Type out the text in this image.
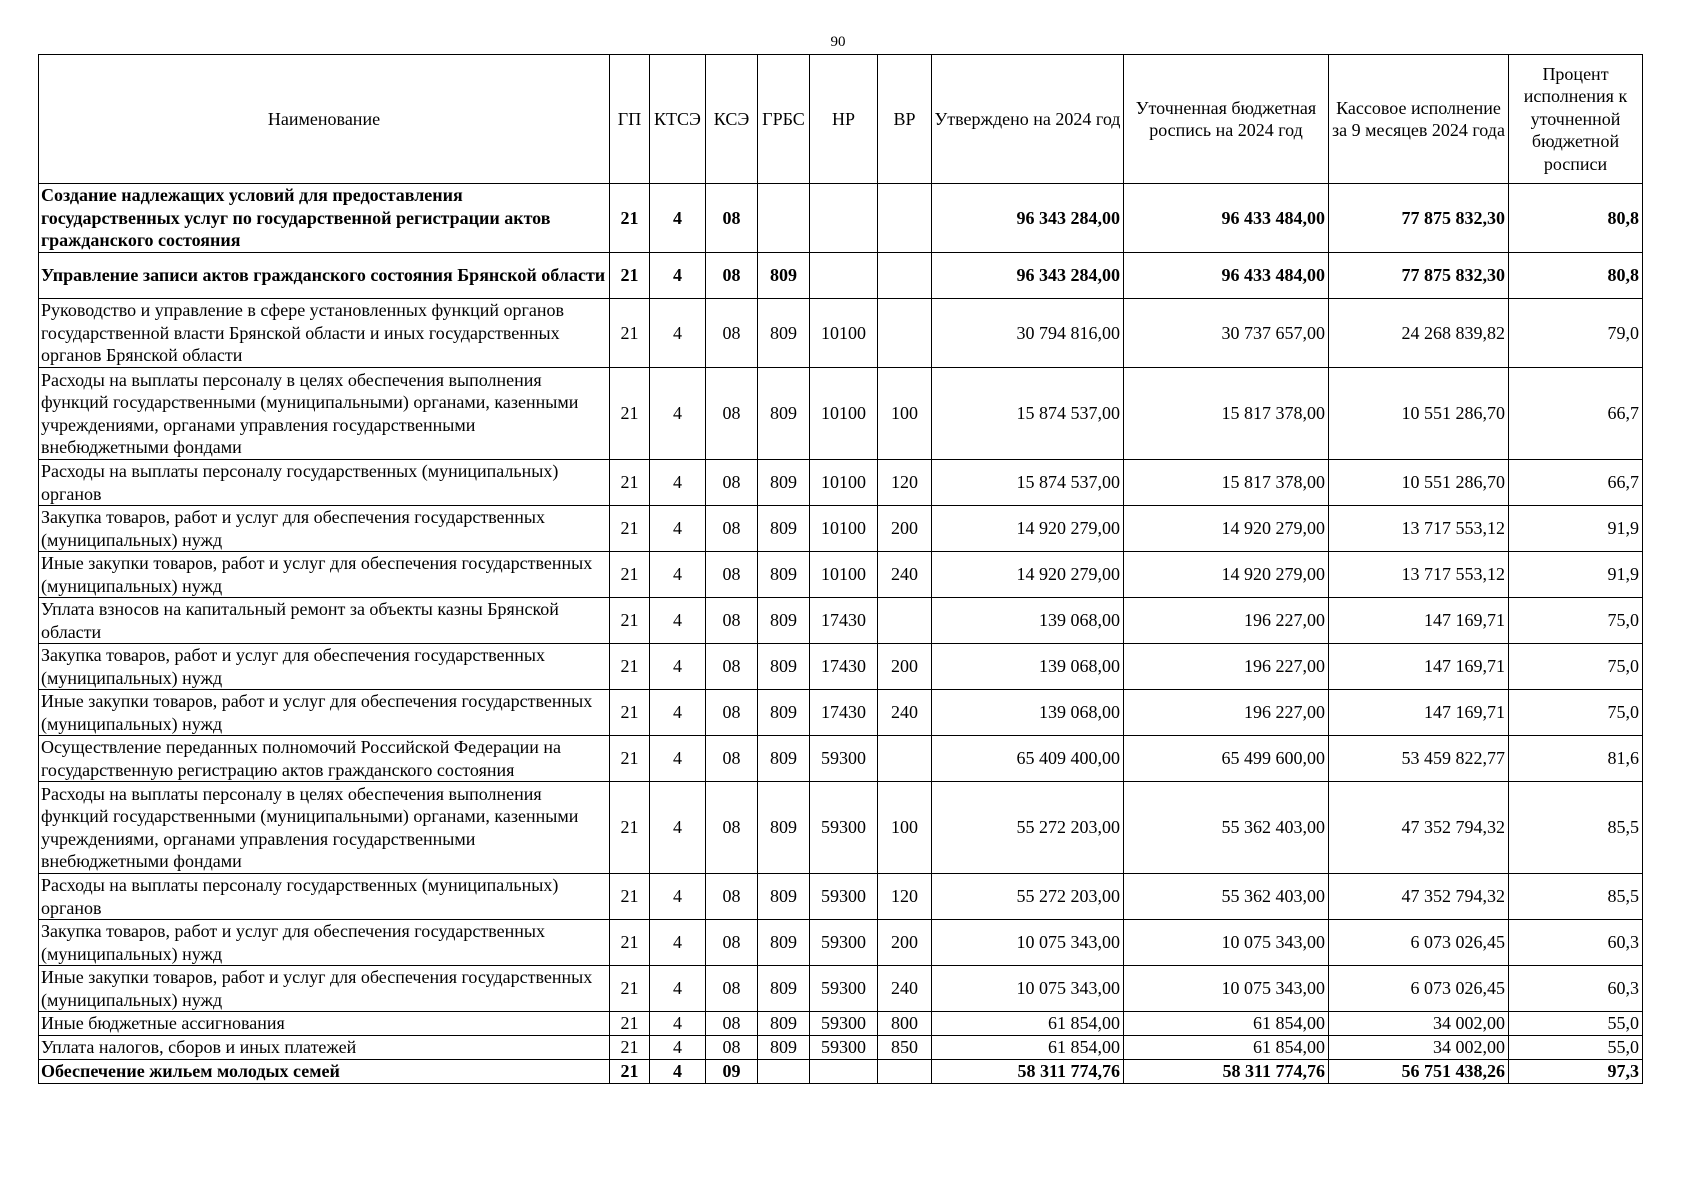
90
Наименование	ГП	КТСЭ	КСЭ	ГРБС	НР	ВР	Утверждено на 2024 год	Уточненная бюджетная роспись на 2024 год	Кассовое исполнение за 9 месяцев 2024 года	Процент исполнения к уточненной бюджетной росписи
Создание надлежащих условий для предоставления государственных услуг по государственной регистрации актов гражданского состояния	21	4	08				96 343 284,00	96 433 484,00	77 875 832,30	80,8
Управление записи актов гражданского состояния Брянской области	21	4	08	809			96 343 284,00	96 433 484,00	77 875 832,30	80,8
Руководство и управление в сфере установленных функций органов государственной власти Брянской области и иных государственных органов Брянской области	21	4	08	809	10100		30 794 816,00	30 737 657,00	24 268 839,82	79,0
Расходы на выплаты персоналу в целях обеспечения выполнения функций государственными (муниципальными) органами, казенными учреждениями, органами управления государственными внебюджетными фондами	21	4	08	809	10100	100	15 874 537,00	15 817 378,00	10 551 286,70	66,7
Расходы на выплаты персоналу государственных (муниципальных) органов	21	4	08	809	10100	120	15 874 537,00	15 817 378,00	10 551 286,70	66,7
Закупка товаров, работ и услуг для обеспечения государственных (муниципальных) нужд	21	4	08	809	10100	200	14 920 279,00	14 920 279,00	13 717 553,12	91,9
Иные закупки товаров, работ и услуг для обеспечения государственных (муниципальных) нужд	21	4	08	809	10100	240	14 920 279,00	14 920 279,00	13 717 553,12	91,9
Уплата взносов на капитальный ремонт за объекты казны Брянской области	21	4	08	809	17430		139 068,00	196 227,00	147 169,71	75,0
Закупка товаров, работ и услуг для обеспечения государственных (муниципальных) нужд	21	4	08	809	17430	200	139 068,00	196 227,00	147 169,71	75,0
Иные закупки товаров, работ и услуг для обеспечения государственных (муниципальных) нужд	21	4	08	809	17430	240	139 068,00	196 227,00	147 169,71	75,0
Осуществление переданных полномочий Российской Федерации на государственную регистрацию актов гражданского состояния	21	4	08	809	59300		65 409 400,00	65 499 600,00	53 459 822,77	81,6
Расходы на выплаты персоналу в целях обеспечения выполнения функций государственными (муниципальными) органами, казенными учреждениями, органами управления государственными внебюджетными фондами	21	4	08	809	59300	100	55 272 203,00	55 362 403,00	47 352 794,32	85,5
Расходы на выплаты персоналу государственных (муниципальных) органов	21	4	08	809	59300	120	55 272 203,00	55 362 403,00	47 352 794,32	85,5
Закупка товаров, работ и услуг для обеспечения государственных (муниципальных) нужд	21	4	08	809	59300	200	10 075 343,00	10 075 343,00	6 073 026,45	60,3
Иные закупки товаров, работ и услуг для обеспечения государственных (муниципальных) нужд	21	4	08	809	59300	240	10 075 343,00	10 075 343,00	6 073 026,45	60,3
Иные бюджетные ассигнования	21	4	08	809	59300	800	61 854,00	61 854,00	34 002,00	55,0
Уплата налогов, сборов и иных платежей	21	4	08	809	59300	850	61 854,00	61 854,00	34 002,00	55,0
Обеспечение жильем молодых семей	21	4	09				58 311 774,76	58 311 774,76	56 751 438,26	97,3
